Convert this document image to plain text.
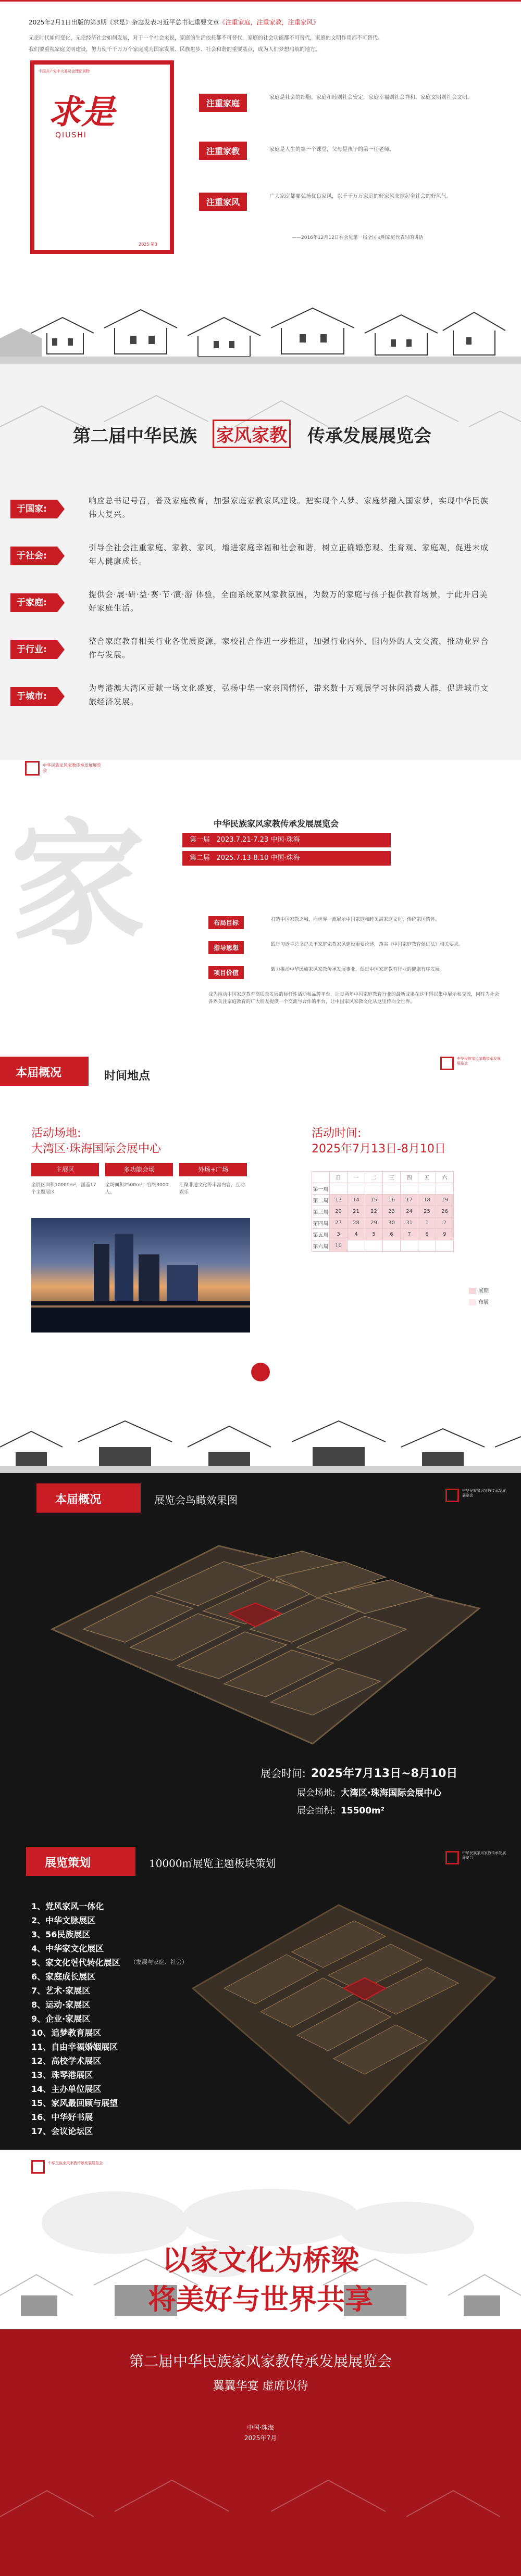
2025年2月1日出版的第3期《求是》杂志发表习近平总书记重要文章《注重家庭，注重家教，注重家风》

无论时代如何变化，无论经济社会如何发展，对于一个社会来说，家庭的生活依托都不可替代，家庭的社会功能都不可替代，家庭的文明作用都不可替代。

我们要重视家庭文明建设，努力使千千万万个家庭成为国家发展、民族进步、社会和谐的重要基点，成为人们梦想启航的地方。

中国共产党中央委员会理论刊物
求是
QIUSHI
2025·第3
注重家庭
家庭是社会的细胞。家庭和睦则社会安定，家庭幸福则社会祥和，家庭文明则社会文明。
注重家教	家庭是人生的第一个课堂，父母是孩子的第一任老师。
注重家风
广大家庭都要弘扬优良家风，以千千万万家庭的好家风支撑起全社会的好风气。

——2016年12月12日在会见第一届全国文明家庭代表时的讲话

第二届中华民族 家风家教 传承发展展览会
于国家:

响应总书记号召，普及家庭教育，加强家庭家教家风建设。把实现个人梦、家庭梦融入国家梦，实现中华民族伟大复兴。

于社会:

引导全社会注重家庭、家教、家风，增进家庭幸福和社会和谐，树立正确婚恋观、生育观、家庭观，促进未成年人健康成长。

于家庭:

提供会·展·研·益·赛·节·演·游 体验，全面系统家风家教氛围，为数万的家庭与孩子提供教育场景，于此开启美好家庭生活。

于行业:

整合家庭教育相关行业各优质资源，家校社合作进一步推进，加强行业内外、国内外的人文交流，推动业界合作与发展。

于城市:

为粤港澳大湾区贡献一场文化盛宴，弘扬中华一家亲国情怀，带来数十万观展学习休闲消费人群，促进城市文旅经济发展。

中华民族家风家教传承发展展览会
家	中华民族家风家教传承发展展览会
第一届 2023.7.21-7.23 中国·珠海
第二届 2025.7.13-8.10 中国·珠海
布局目标	打造中国家教之城，向世界一流展示中国家庭和睦美满家庭文化、传统家国情怀。
指导思想	践行习近平总书记关于家庭家教家风建设重要论述，落实《中国家庭教育促进法》相关要求。
项目价值	致力推动中华民族家风家教传承发展事业，促进中国家庭教育行业的健康有序发展。

成为推动中国家庭教育高质量发展的标杆性活动和品牌平台，让每两年中国家庭教育行业的最新成果在这里得以集中展示和交流，同时为社会各界关注家庭教育的广大朋友提供一个交流与合作的平台，让中国家风家教文化从这里传向全世界。

本届概况	时间地点
中华民族家风家教传承发展展览会
活动场地:
大湾区·珠海国际会展中心
主展区	多功能会场	外场+广场

全展区面积10000m²，涵盖17个主题展区

全场面积2500m²，容纳3000人。

汇聚非遗文化等丰富内容，互动娱乐

活动时间:
2025年7月13日-8月10日
	日	一	二	三	四	五	六
第一周							
第二周	13	14	15	16	17	18	19
第三周	20	21	22	23	24	25	26
第四周	27	28	29	30	31	1	2
第五周	3	4	5	6	7	8	9
第六周	10						
展期
布展
本届概况	展览会鸟瞰效果图
中华民族家风家教传承发展展览会
展会时间: 2025年7月13日~8月10日
展会场地: 大湾区·珠海国际会展中心
展会面积: 15500m²
展览策划	10000㎡展览主题板块策划
中华民族家风家教传承发展展览会
1、党风家风一体化
2、中华文脉展区
3、56民族展区
4、中华家文化展区
5、家文化현代转化展区 （发展与家庭、社会）
6、家庭成长展区
7、艺术·家展区
8、运动·家展区
9、企业·家展区
10、追梦教育展区
11、自由幸福婚姻展区
12、高校学术展区
13、珠琴港展区
14、主办单位展区
15、家风最回顾与展望
16、中华好书展
17、会议论坛区
中华民族家风家教传承发展展览会
以家文化为桥梁
将美好与世界共享
第二届中华民族家风家教传承发展展览会
翼翼华宴 虚席以待
中国·珠海
2025年7月
